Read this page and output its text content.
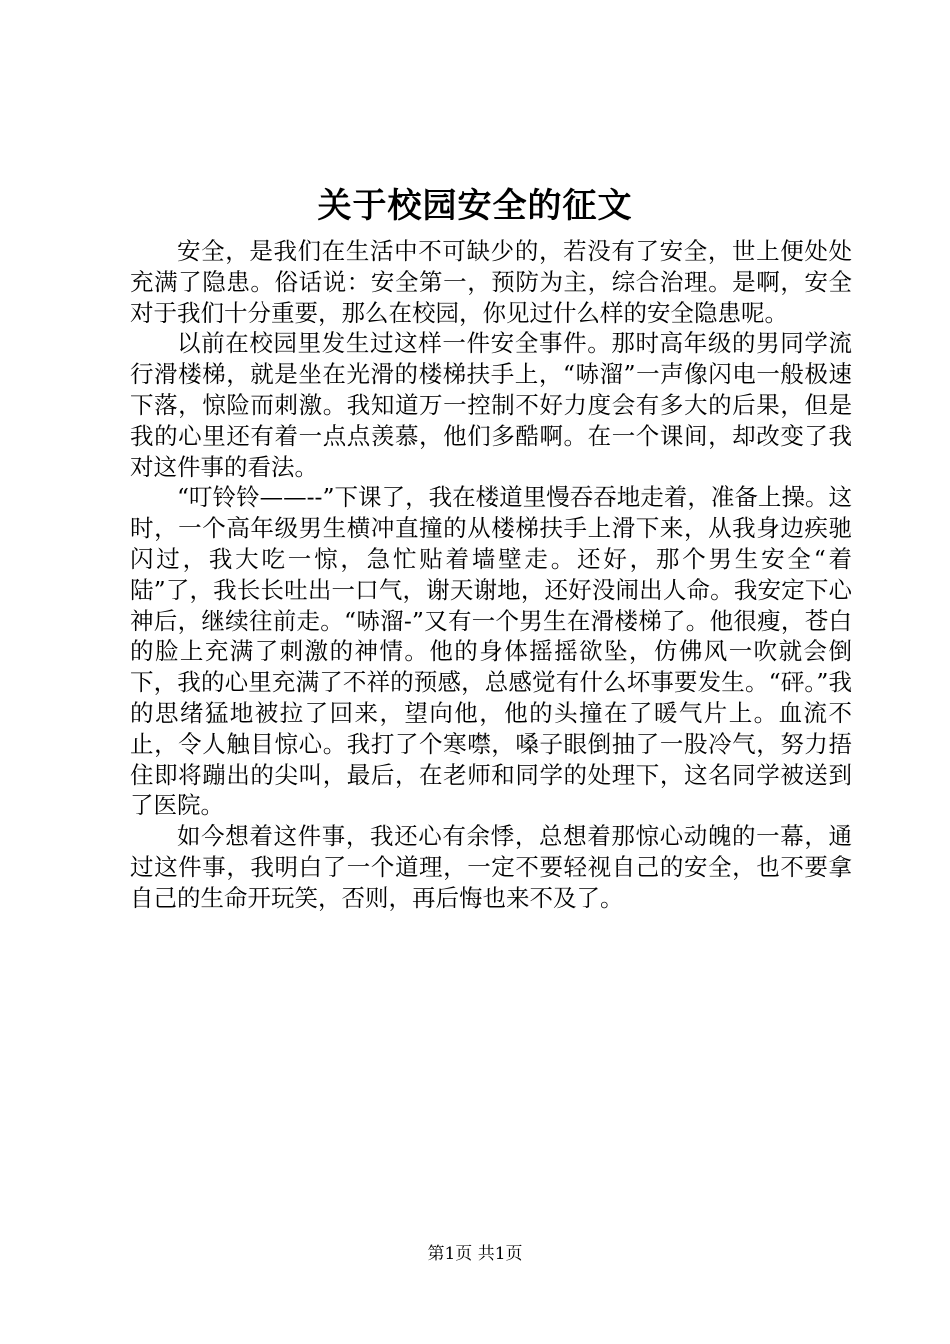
关于校园安全的征文

安全，是我们在生活中不可缺少的，若没有了安全，世上便处处充满了隐患。俗话说：安全第一，预防为主，综合治理。是啊，安全对于我们十分重要，那么在校园，你见过什么样的安全隐患呢。

以前在校园里发生过这样一件安全事件。那时高年级的男同学流行滑楼梯，就是坐在光滑的楼梯扶手上，“哧溜”一声像闪电一般极速下落，惊险而刺激。我知道万一控制不好力度会有多大的后果，但是我的心里还有着一点点羡慕，他们多酷啊。在一个课间，却改变了我对这件事的看法。

“叮铃铃——--”下课了，我在楼道里慢吞吞地走着，准备上操。这时，一个高年级男生横冲直撞的从楼梯扶手上滑下来，从我身边疾驰闪过，我大吃一惊，急忙贴着墙壁走。还好，那个男生安全“着陆”了，我长长吐出一口气，谢天谢地，还好没闹出人命。我安定下心神后，继续往前走。“哧溜-”又有一个男生在滑楼梯了。他很瘦，苍白的脸上充满了刺激的神情。他的身体摇摇欲坠，仿佛风一吹就会倒下，我的心里充满了不祥的预感，总感觉有什么坏事要发生。“砰。”我的思绪猛地被拉了回来，望向他，他的头撞在了暖气片上。血流不止，令人触目惊心。我打了个寒噤，嗓子眼倒抽了一股冷气，努力捂住即将蹦出的尖叫，最后，在老师和同学的处理下，这名同学被送到了医院。

如今想着这件事，我还心有余悸，总想着那惊心动魄的一幕，通过这件事，我明白了一个道理，一定不要轻视自己的安全，也不要拿自己的生命开玩笑，否则，再后悔也来不及了。

第1页 共1页
